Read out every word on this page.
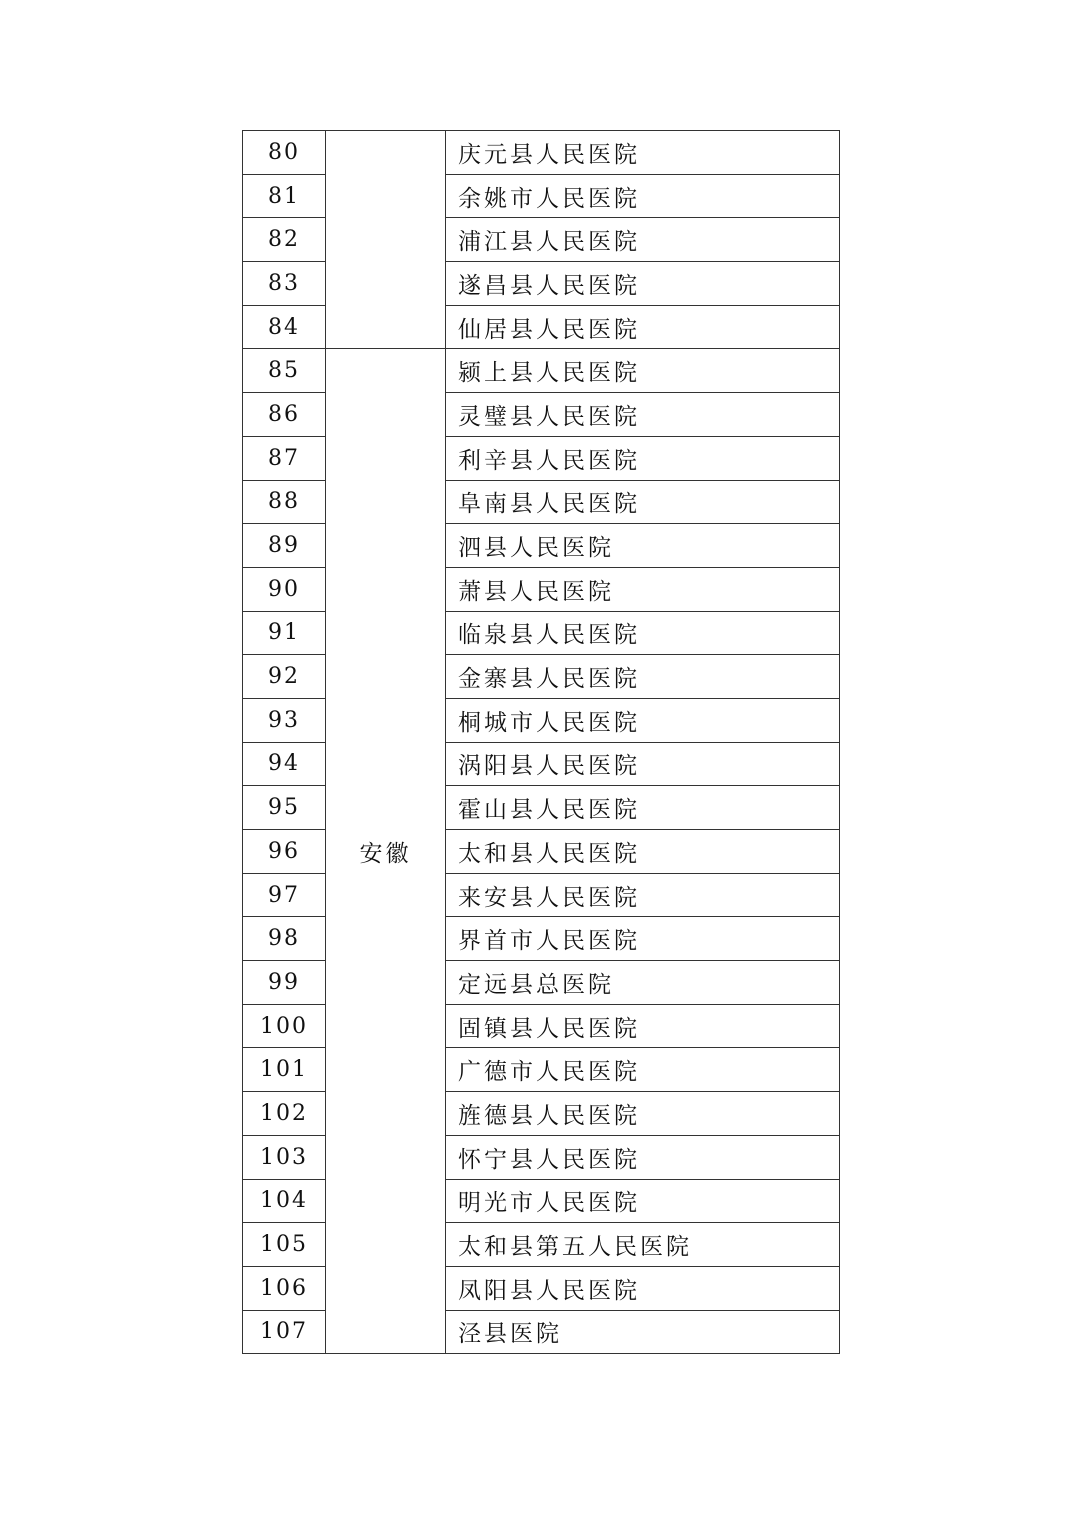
80		庆元县人民医院
81		余姚市人民医院
82		浦江县人民医院
83		遂昌县人民医院
84		仙居县人民医院
85	安徽	颍上县人民医院
86		灵璧县人民医院
87		利辛县人民医院
88		阜南县人民医院
89		泗县人民医院
90		萧县人民医院
91		临泉县人民医院
92		金寨县人民医院
93		桐城市人民医院
94		涡阳县人民医院
95		霍山县人民医院
96		太和县人民医院
97		来安县人民医院
98		界首市人民医院
99		定远县总医院
100		固镇县人民医院
101		广德市人民医院
102		旌德县人民医院
103		怀宁县人民医院
104		明光市人民医院
105		太和县第五人民医院
106		凤阳县人民医院
107		泾县医院
